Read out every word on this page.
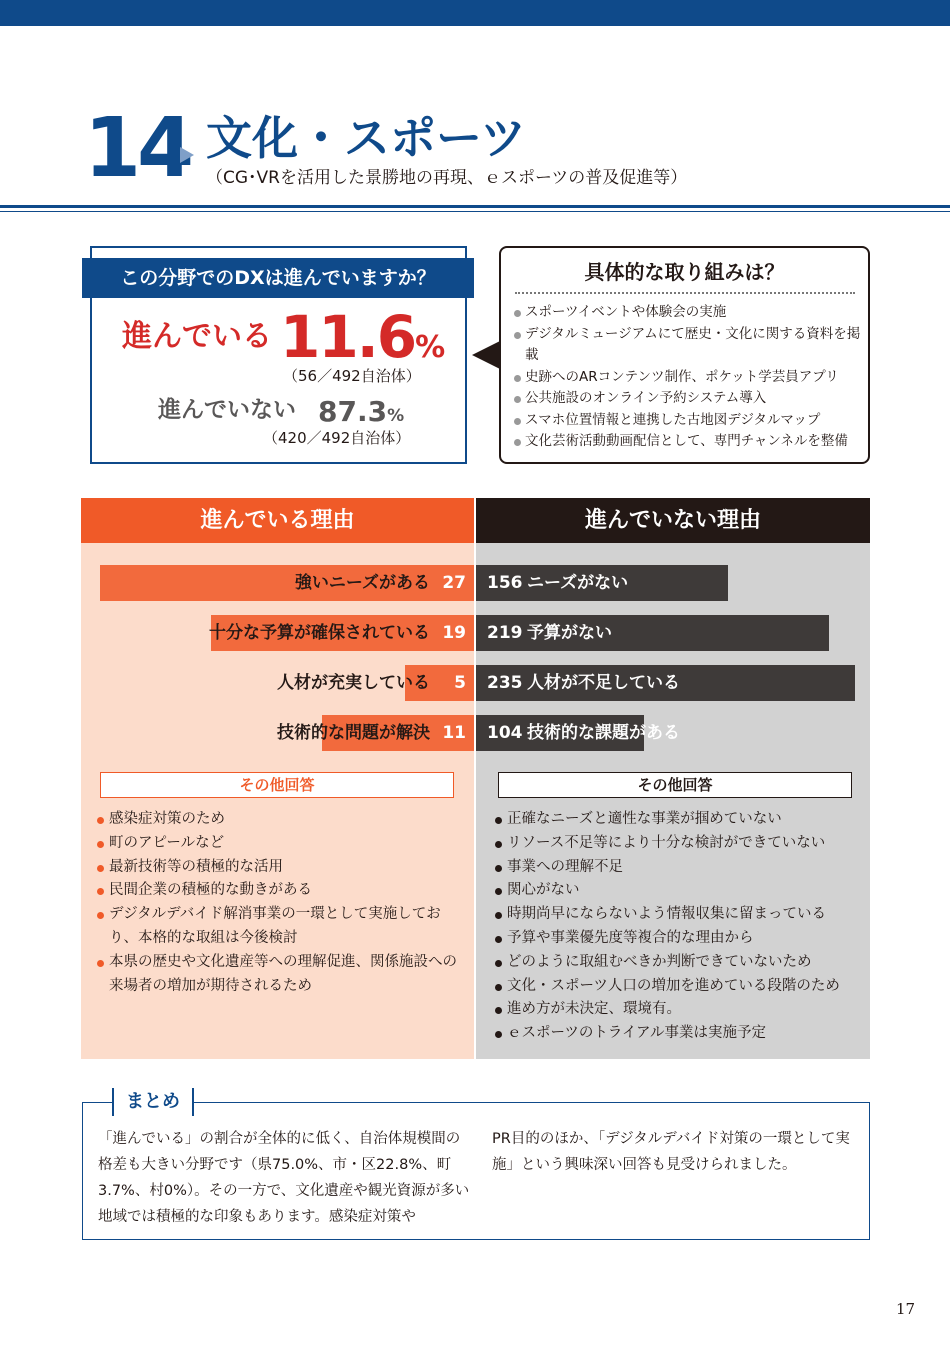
14 文化・スポーツ
（CG･VRを活用した景勝地の再現、ｅスポーツの普及促進等）
この分野でのDXは進んでいますか？
進んでいる 11.6%
（56／492自治体）
進んでいない 87.3%
（420／492自治体）
具体的な取り組みは？
スポーツイベントや体験会の実施
デジタルミュージアムにて歴史・文化に関する資料を掲載
史跡へのARコンテンツ制作、ポケット学芸員アプリ
公共施設のオンライン予約システム導入
スマホ位置情報と連携した古地図デジタルマップ
文化芸術活動動画配信として、専門チャンネルを整備
進んでいる理由	進んでいない理由
強いニーズがある 27
十分な予算が確保されている 19
人材が充実している 5
技術的な問題が解決 11
156 ニーズがない
219 予算がない
235 人材が不足している
104 技術的な課題がある
その他回答	その他回答
感染症対策のため
町のアピールなど
最新技術等の積極的な活用
民間企業の積極的な動きがある
デジタルデバイド解消事業の一環として実施しており、本格的な取組は今後検討
本県の歴史や文化遺産等への理解促進、関係施設への来場者の増加が期待されるため
正確なニーズと適性な事業が掴めていない
リソース不足等により十分な検討ができていない
事業への理解不足
関心がない
時期尚早にならないよう情報収集に留まっている
予算や事業優先度等複合的な理由から
どのように取組むべきか判断できていないため
文化・スポーツ人口の増加を進めている段階のため
進め方が未決定、環境有。
ｅスポーツのトライアル事業は実施予定
まとめ
「進んでいる」の割合が全体的に低く、自治体規模間の格差も大きい分野です（県75.0%、市・区22.8%、町3.7%、村0%）。その一方で、文化遺産や観光資源が多い地域では積極的な印象もあります。感染症対策や
PR目的のほか、「デジタルデバイド対策の一環として実施」という興味深い回答も見受けられました。
17
